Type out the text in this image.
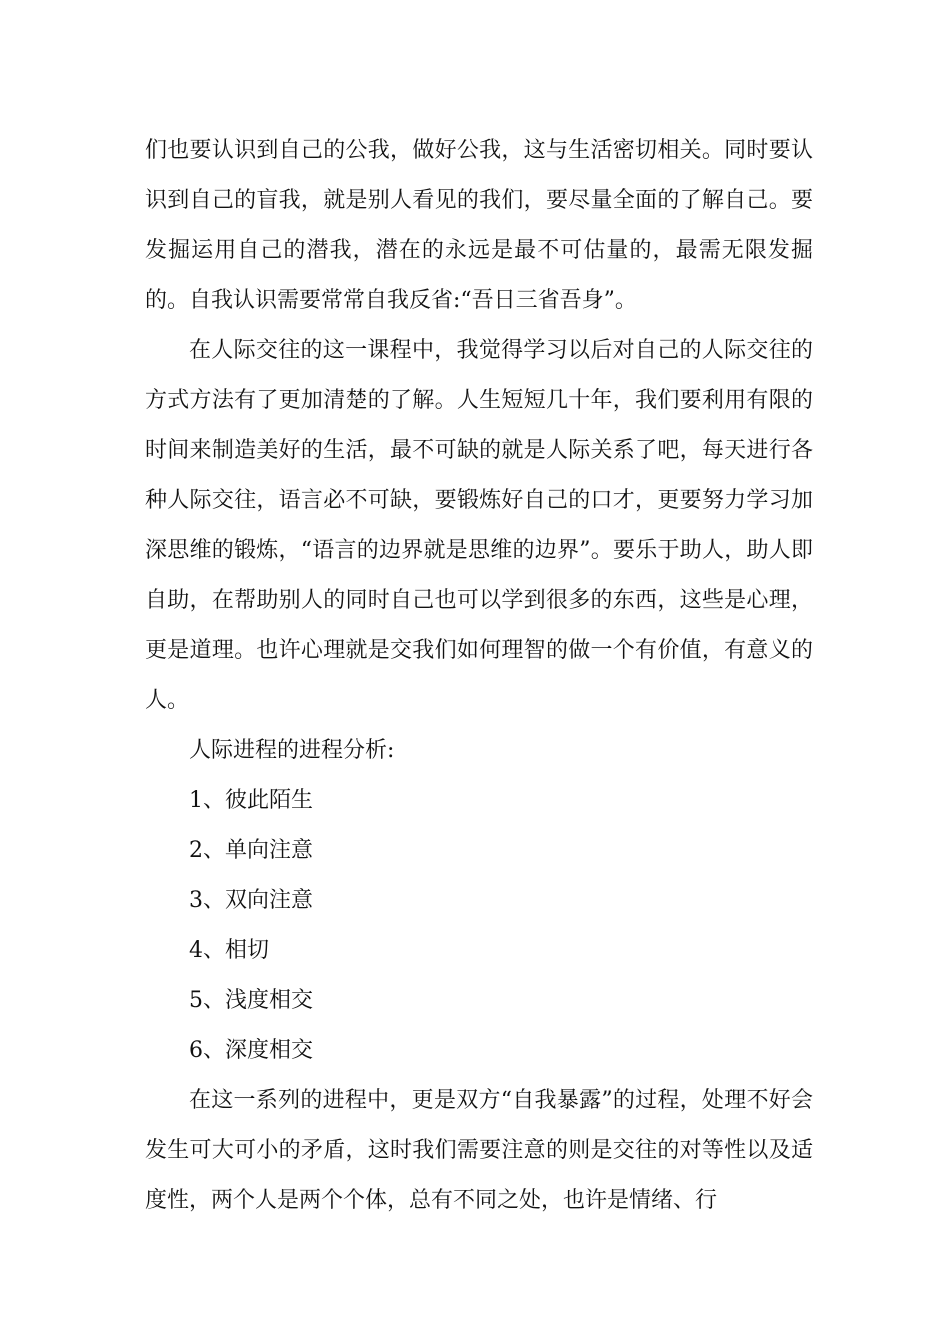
们也要认识到自己的公我，做好公我，这与生活密切相关。同时要认识到自己的盲我，就是别人看见的我们，要尽量全面的了解自己。要发掘运用自己的潜我，潜在的永远是最不可估量的，最需无限发掘的。自我认识需要常常自我反省:“吾日三省吾身”。

在人际交往的这一课程中，我觉得学习以后对自己的人际交往的方式方法有了更加清楚的了解。人生短短几十年，我们要利用有限的时间来制造美好的生活，最不可缺的就是人际关系了吧，每天进行各种人际交往，语言必不可缺，要锻炼好自己的口才，更要努力学习加深思维的锻炼，“语言的边界就是思维的边界”。要乐于助人，助人即自助，在帮助别人的同时自己也可以学到很多的东西，这些是心理，更是道理。也许心理就是交我们如何理智的做一个有价值，有意义的人。

人际进程的进程分析:

1、彼此陌生

2、单向注意

3、双向注意

4、相切

5、浅度相交

6、深度相交

在这一系列的进程中，更是双方“自我暴露”的过程，处理不好会发生可大可小的矛盾，这时我们需要注意的则是交往的对等性以及适度性，两个人是两个个体，总有不同之处，也许是情绪、行
